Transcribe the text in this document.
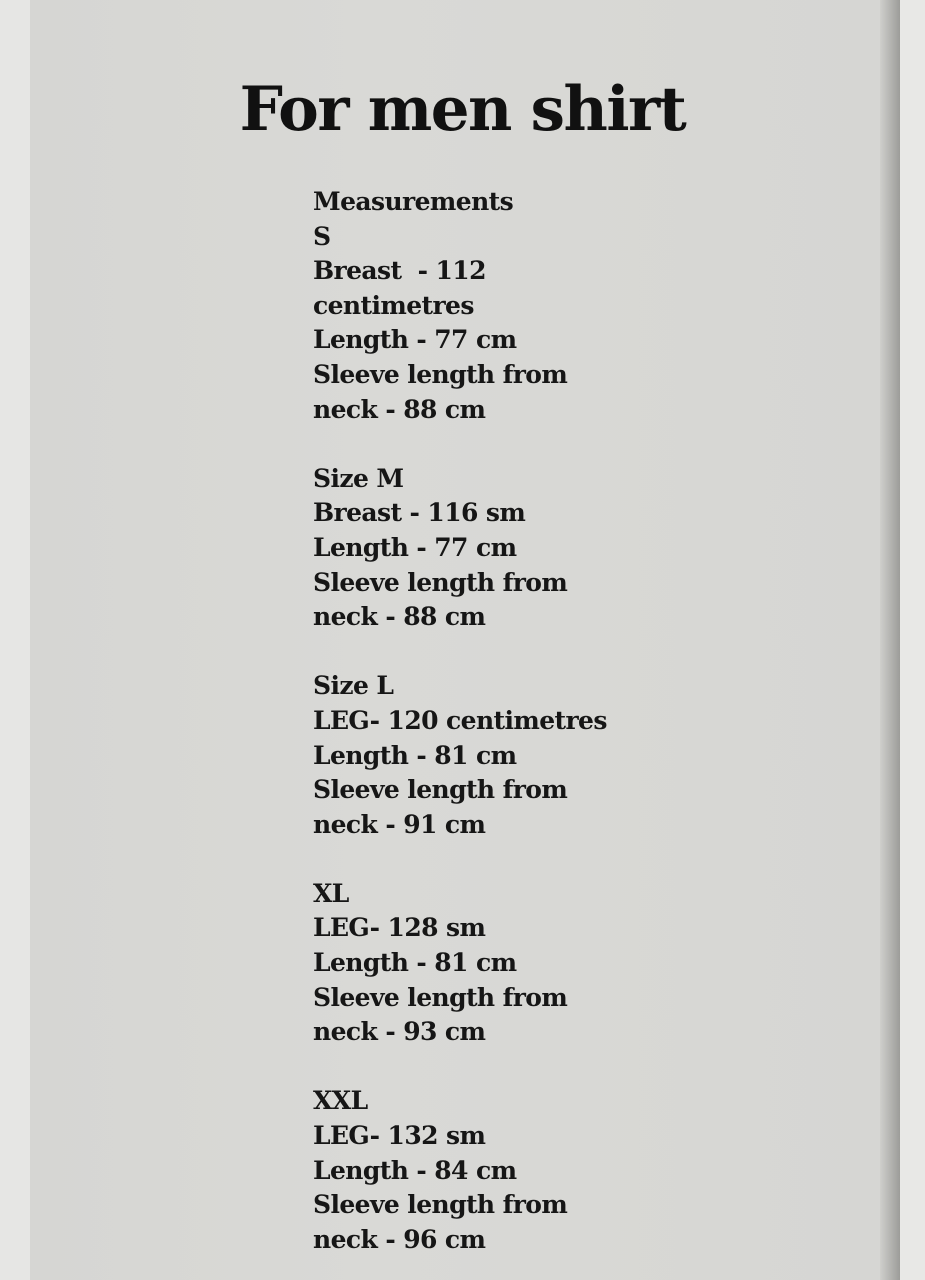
For men shirt
Measurements
S
Breast  - 112
centimetres
Length - 77 cm
Sleeve length from
neck - 88 cm
Size M
Breast - 116 sm
Length - 77 cm
Sleeve length from
neck - 88 cm
Size L
LEG- 120 centimetres
Length - 81 cm
Sleeve length from
neck - 91 cm
XL
LEG- 128 sm
Length - 81 cm
Sleeve length from
neck - 93 cm
XXL
LEG- 132 sm
Length - 84 cm
Sleeve length from
neck - 96 cm
